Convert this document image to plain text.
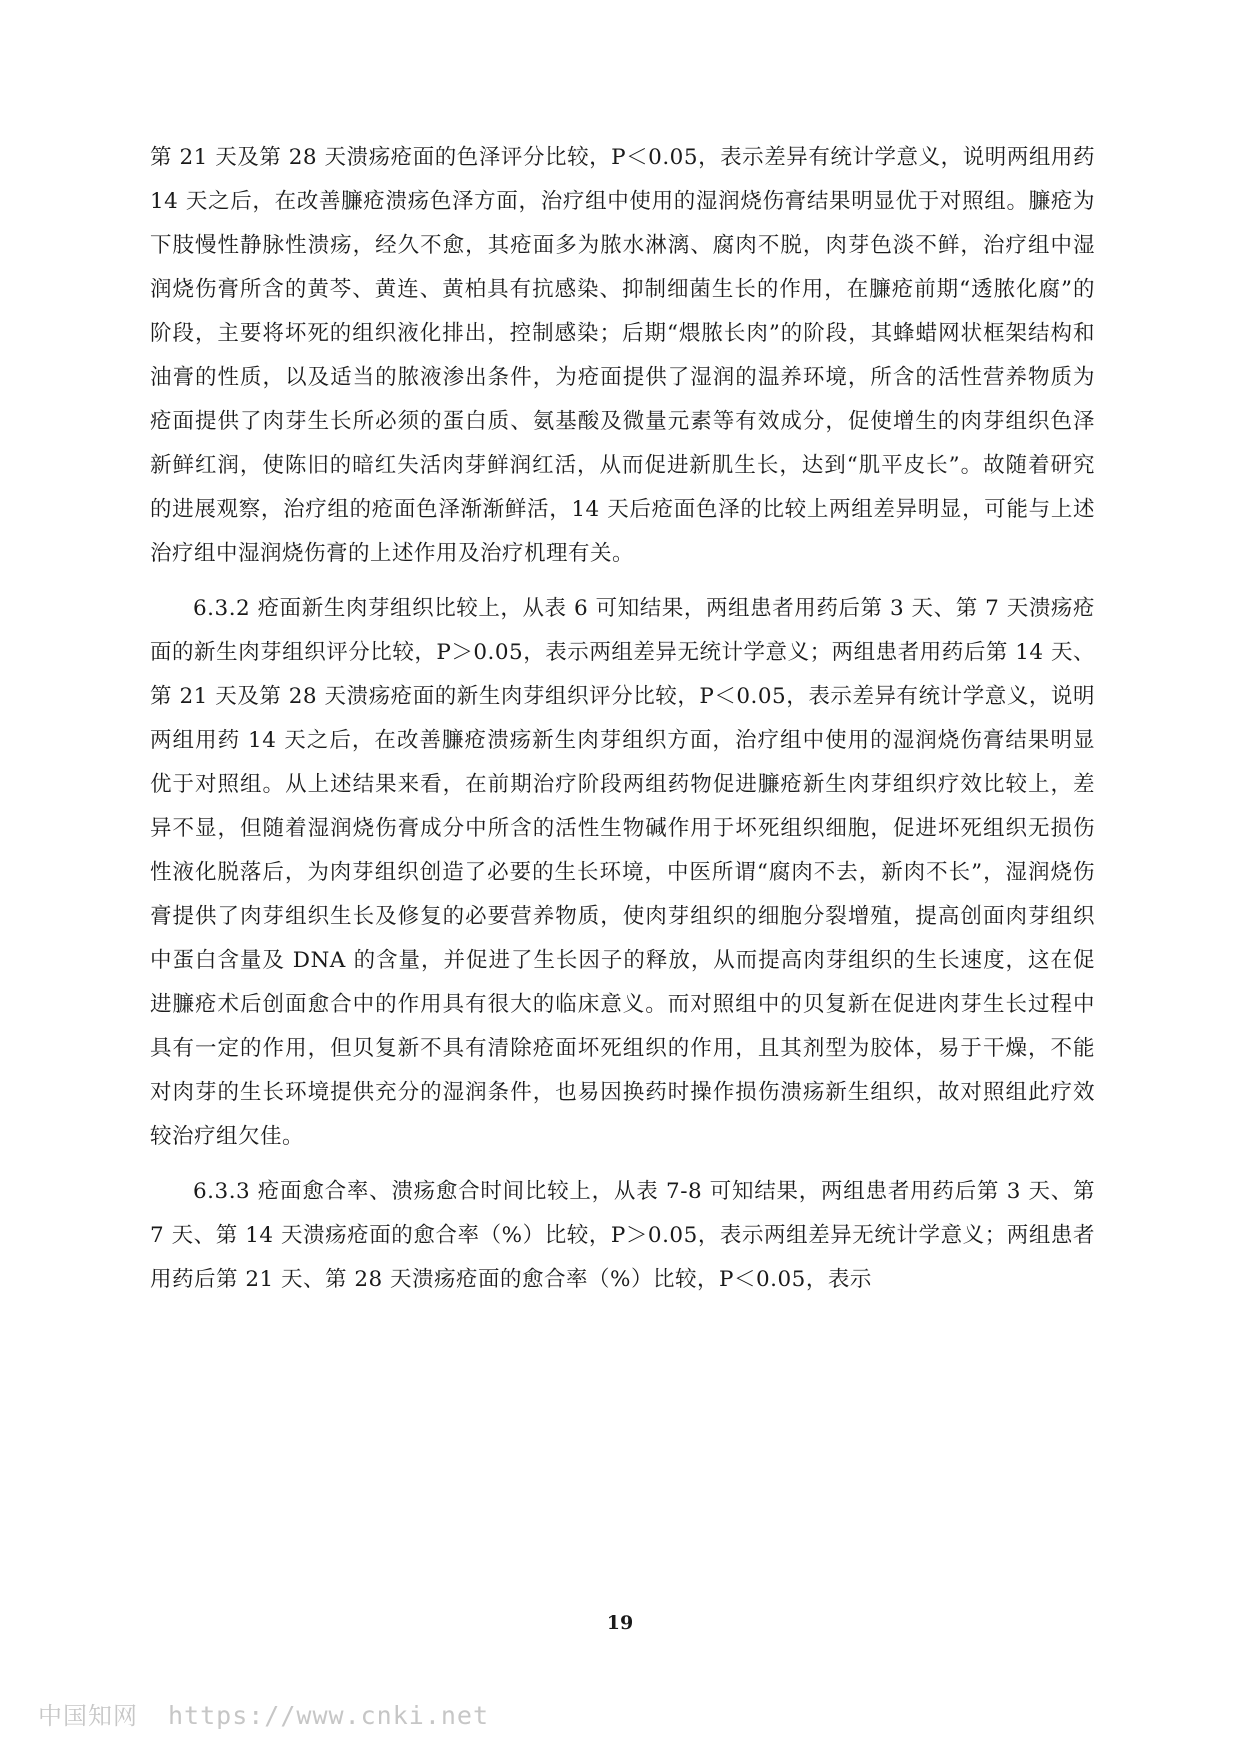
第 21 天及第 28 天溃疡疮面的色泽评分比较，P＜0.05，表示差异有统计学意义，说明两组用药 14 天之后，在改善臁疮溃疡色泽方面，治疗组中使用的湿润烧伤膏结果明显优于对照组。臁疮为下肢慢性静脉性溃疡，经久不愈，其疮面多为脓水淋漓、腐肉不脱，肉芽色淡不鲜，治疗组中湿润烧伤膏所含的黄芩、黄连、黄柏具有抗感染、抑制细菌生长的作用，在臁疮前期“透脓化腐”的阶段，主要将坏死的组织液化排出，控制感染；后期“煨脓长肉”的阶段，其蜂蜡网状框架结构和油膏的性质，以及适当的脓液渗出条件，为疮面提供了湿润的温养环境，所含的活性营养物质为疮面提供了肉芽生长所必须的蛋白质、氨基酸及微量元素等有效成分，促使增生的肉芽组织色泽新鲜红润，使陈旧的暗红失活肉芽鲜润红活，从而促进新肌生长，达到“肌平皮长”。故随着研究的进展观察，治疗组的疮面色泽渐渐鲜活，14 天后疮面色泽的比较上两组差异明显，可能与上述治疗组中湿润烧伤膏的上述作用及治疗机理有关。

6.3.2 疮面新生肉芽组织比较上，从表 6 可知结果，两组患者用药后第 3 天、第 7 天溃疡疮面的新生肉芽组织评分比较，P＞0.05，表示两组差异无统计学意义；两组患者用药后第 14 天、第 21 天及第 28 天溃疡疮面的新生肉芽组织评分比较，P＜0.05，表示差异有统计学意义，说明两组用药 14 天之后，在改善臁疮溃疡新生肉芽组织方面，治疗组中使用的湿润烧伤膏结果明显优于对照组。从上述结果来看，在前期治疗阶段两组药物促进臁疮新生肉芽组织疗效比较上，差异不显，但随着湿润烧伤膏成分中所含的活性生物碱作用于坏死组织细胞，促进坏死组织无损伤性液化脱落后，为肉芽组织创造了必要的生长环境，中医所谓“腐肉不去，新肉不长”，湿润烧伤膏提供了肉芽组织生长及修复的必要营养物质，使肉芽组织的细胞分裂增殖，提高创面肉芽组织中蛋白含量及 DNA 的含量，并促进了生长因子的释放，从而提高肉芽组织的生长速度，这在促进臁疮术后创面愈合中的作用具有很大的临床意义。而对照组中的贝复新在促进肉芽生长过程中具有一定的作用，但贝复新不具有清除疮面坏死组织的作用，且其剂型为胶体，易于干燥，不能对肉芽的生长环境提供充分的湿润条件，也易因换药时操作损伤溃疡新生组织，故对照组此疗效较治疗组欠佳。

6.3.3 疮面愈合率、溃疡愈合时间比较上，从表 7-8 可知结果，两组患者用药后第 3 天、第 7 天、第 14 天溃疡疮面的愈合率（%）比较，P＞0.05，表示两组差异无统计学意义；两组患者用药后第 21 天、第 28 天溃疡疮面的愈合率（%）比较，P＜0.05，表示

19
中国知网 https://www.cnki.net
